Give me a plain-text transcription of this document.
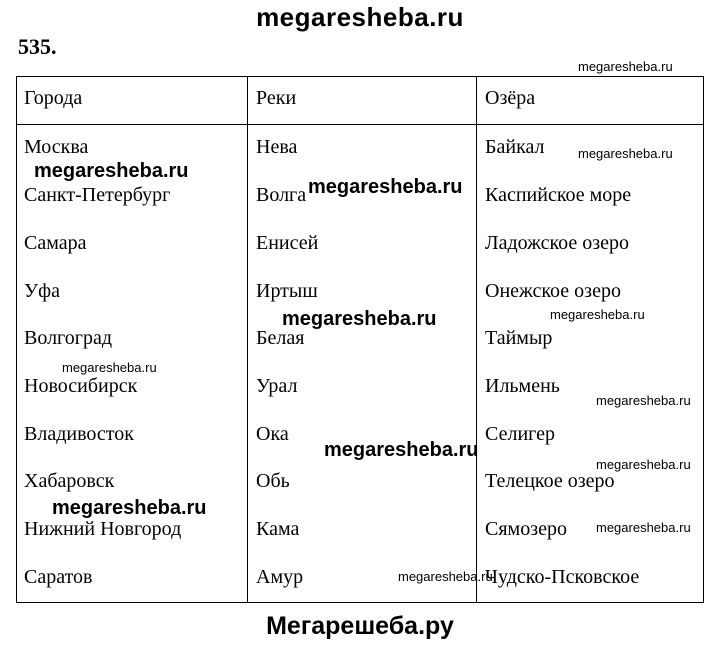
megaresheba.ru
535.
Города	Реки	Озёра
Москва	Нева	Байкал
Санкт-Петербург	Волга	Каспийское море
Самара	Енисей	Ладожское озеро
Уфа	Иртыш	Онежское озеро
Волгоград	Белая	Таймыр
Новосибирск	Урал	Ильмень
Владивосток	Ока	Селигер
Хабаровск	Обь	Телецкое озеро
Нижний Новгород	Кама	Сямозеро
Саратов	Амур	Чудско-Псковское
megaresheba.ru
megaresheba.ru
megaresheba.ru
megaresheba.ru
megaresheba.ru	megaresheba.ru
megaresheba.ru
megaresheba.ru
megaresheba.ru
megaresheba.ru
megaresheba.ru
megaresheba.ru
megaresheba.ru
Мегарешеба.ру
